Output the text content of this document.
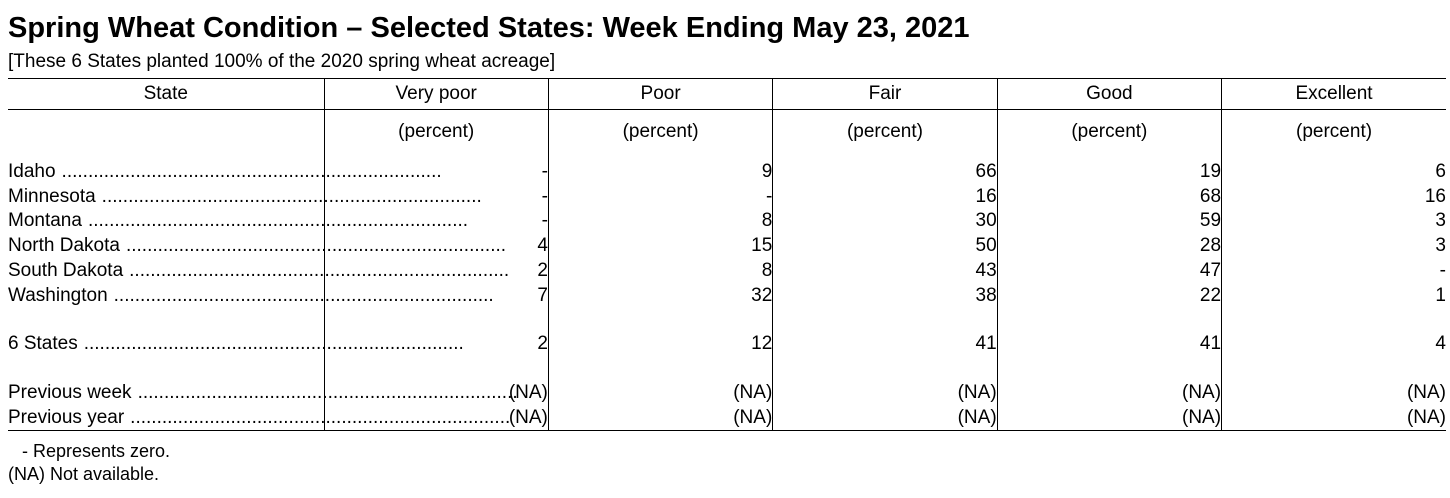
Spring Wheat Condition – Selected States: Week Ending May 23, 2021
[These 6 States planted 100% of the 2020 spring wheat acreage]
State	Very poor	Poor	Fair	Good	Excellent
	(percent)	(percent)	(percent)	(percent)	(percent)

Idaho ........................................................................	-	9	66	19	6

Minnesota ........................................................................	-	-	16	68	16

Montana ........................................................................	-	8	30	59	3

North Dakota ........................................................................	4	15	50	28	3

South Dakota ........................................................................	2	8	43	47	-

Washington ........................................................................	7	32	38	22	1

6 States ........................................................................	2	12	41	41	4

Previous week ........................................................................	(NA)	(NA)	(NA)	(NA)	(NA)

Previous year ........................................................................	(NA)	(NA)	(NA)	(NA)	(NA)
- Represents zero.
(NA) Not available.
